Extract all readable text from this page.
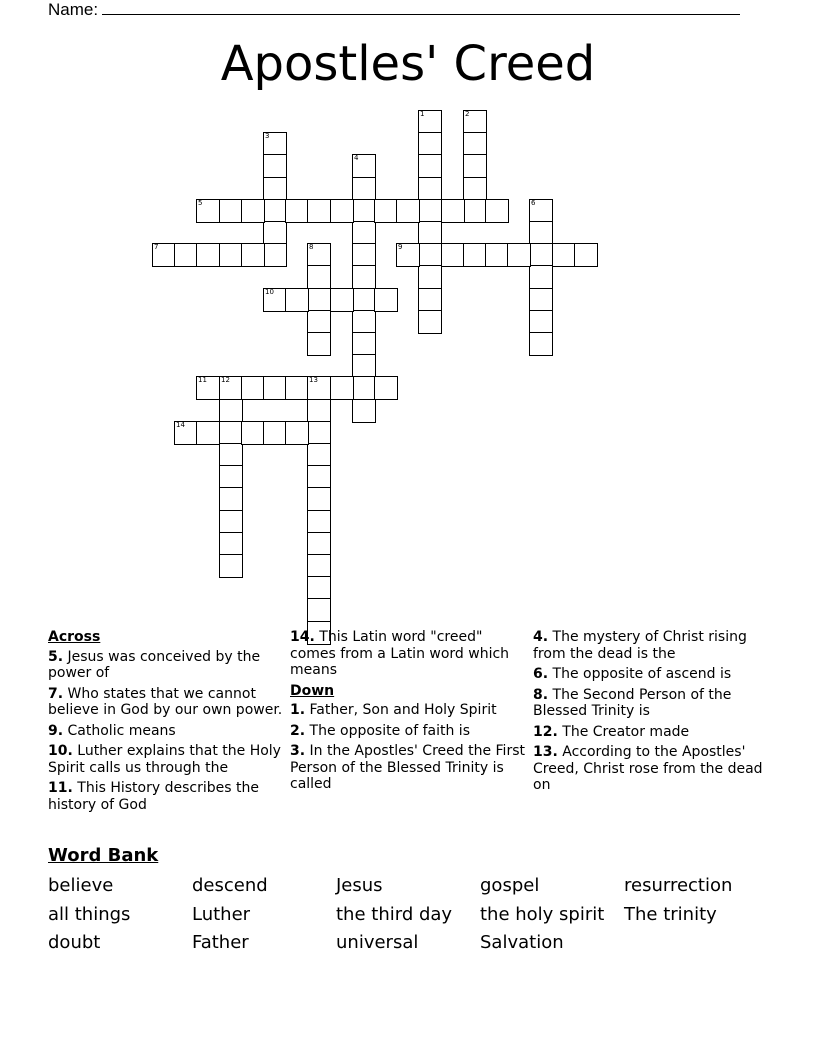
Name:
Apostles' Creed
1	2
3
4
5	6
7	8	9
10
11 12	13
14
Across
5. Jesus was conceived by the power of
7. Who states that we cannot believe in God by our own power.
9. Catholic means
10. Luther explains that the Holy Spirit calls us through the
11. This History describes the history of God
14. This Latin word "creed" comes from a Latin word which means
Down
1. Father, Son and Holy Spirit
2. The opposite of faith is
3. In the Apostles' Creed the First Person of the Blessed Trinity is called
4. The mystery of Christ rising from the dead is the
6. The opposite of ascend is
8. The Second Person of the Blessed Trinity is
12. The Creator made
13. According to the Apostles' Creed, Christ rose from the dead on
Word Bank
believe	descend	Jesus	gospel	resurrection
all things	Luther	the third day	the holy spirit	The trinity
doubt	Father	universal	Salvation
